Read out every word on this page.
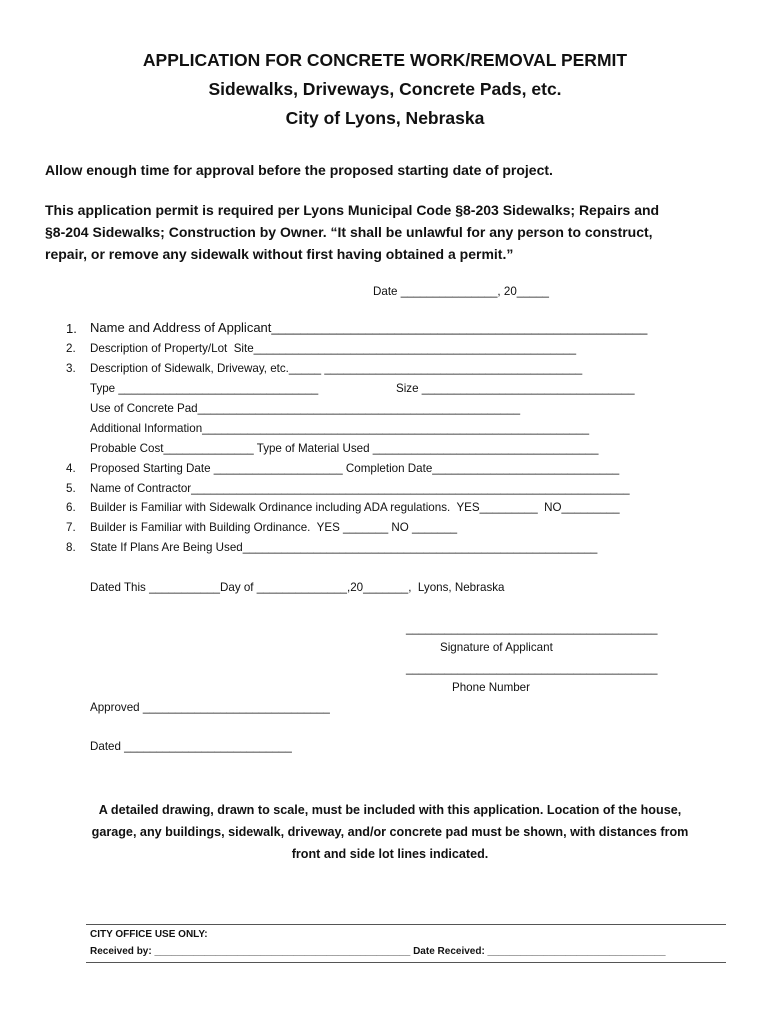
APPLICATION FOR CONCRETE WORK/REMOVAL PERMIT
Sidewalks, Driveways, Concrete Pads, etc.
City of Lyons, Nebraska
Allow enough time for approval before the proposed starting date of project.
This application permit is required per Lyons Municipal Code §8-203 Sidewalks; Repairs and
§8-204 Sidewalks; Construction by Owner. “It shall be unlawful for any person to construct,
repair, or remove any sidewalk without first having obtained a permit.”
Date _______________, 20_____
1. Name and Address of Applicant____________________________________________________
2. Description of Property/Lot  Site__________________________________________________
3. Description of Sidewalk, Driveway, etc._____ ________________________________________
Type _______________________________	Size _________________________________
Use of Concrete Pad__________________________________________________
Additional Information____________________________________________________________
Probable Cost______________ Type of Material Used ___________________________________
4. Proposed Starting Date ____________________ Completion Date_____________________________
5. Name of Contractor____________________________________________________________________
6. Builder is Familiar with Sidewalk Ordinance including ADA regulations.  YES_________  NO_________
7. Builder is Familiar with Building Ordinance.  YES _______ NO _______
8. State If Plans Are Being Used_______________________________________________________
Dated This ___________Day of ______________,20_______,  Lyons, Nebraska
_______________________________________
Signature of Applicant
_______________________________________
Phone Number
Approved _____________________________
Dated __________________________
A detailed drawing, drawn to scale, must be included with this application. Location of the house,
garage, any buildings, sidewalk, driveway, and/or concrete pad must be shown, with distances from
front and side lot lines indicated.
CITY OFFICE USE ONLY:
Received by: ______________________________________________ Date Received: ________________________________
